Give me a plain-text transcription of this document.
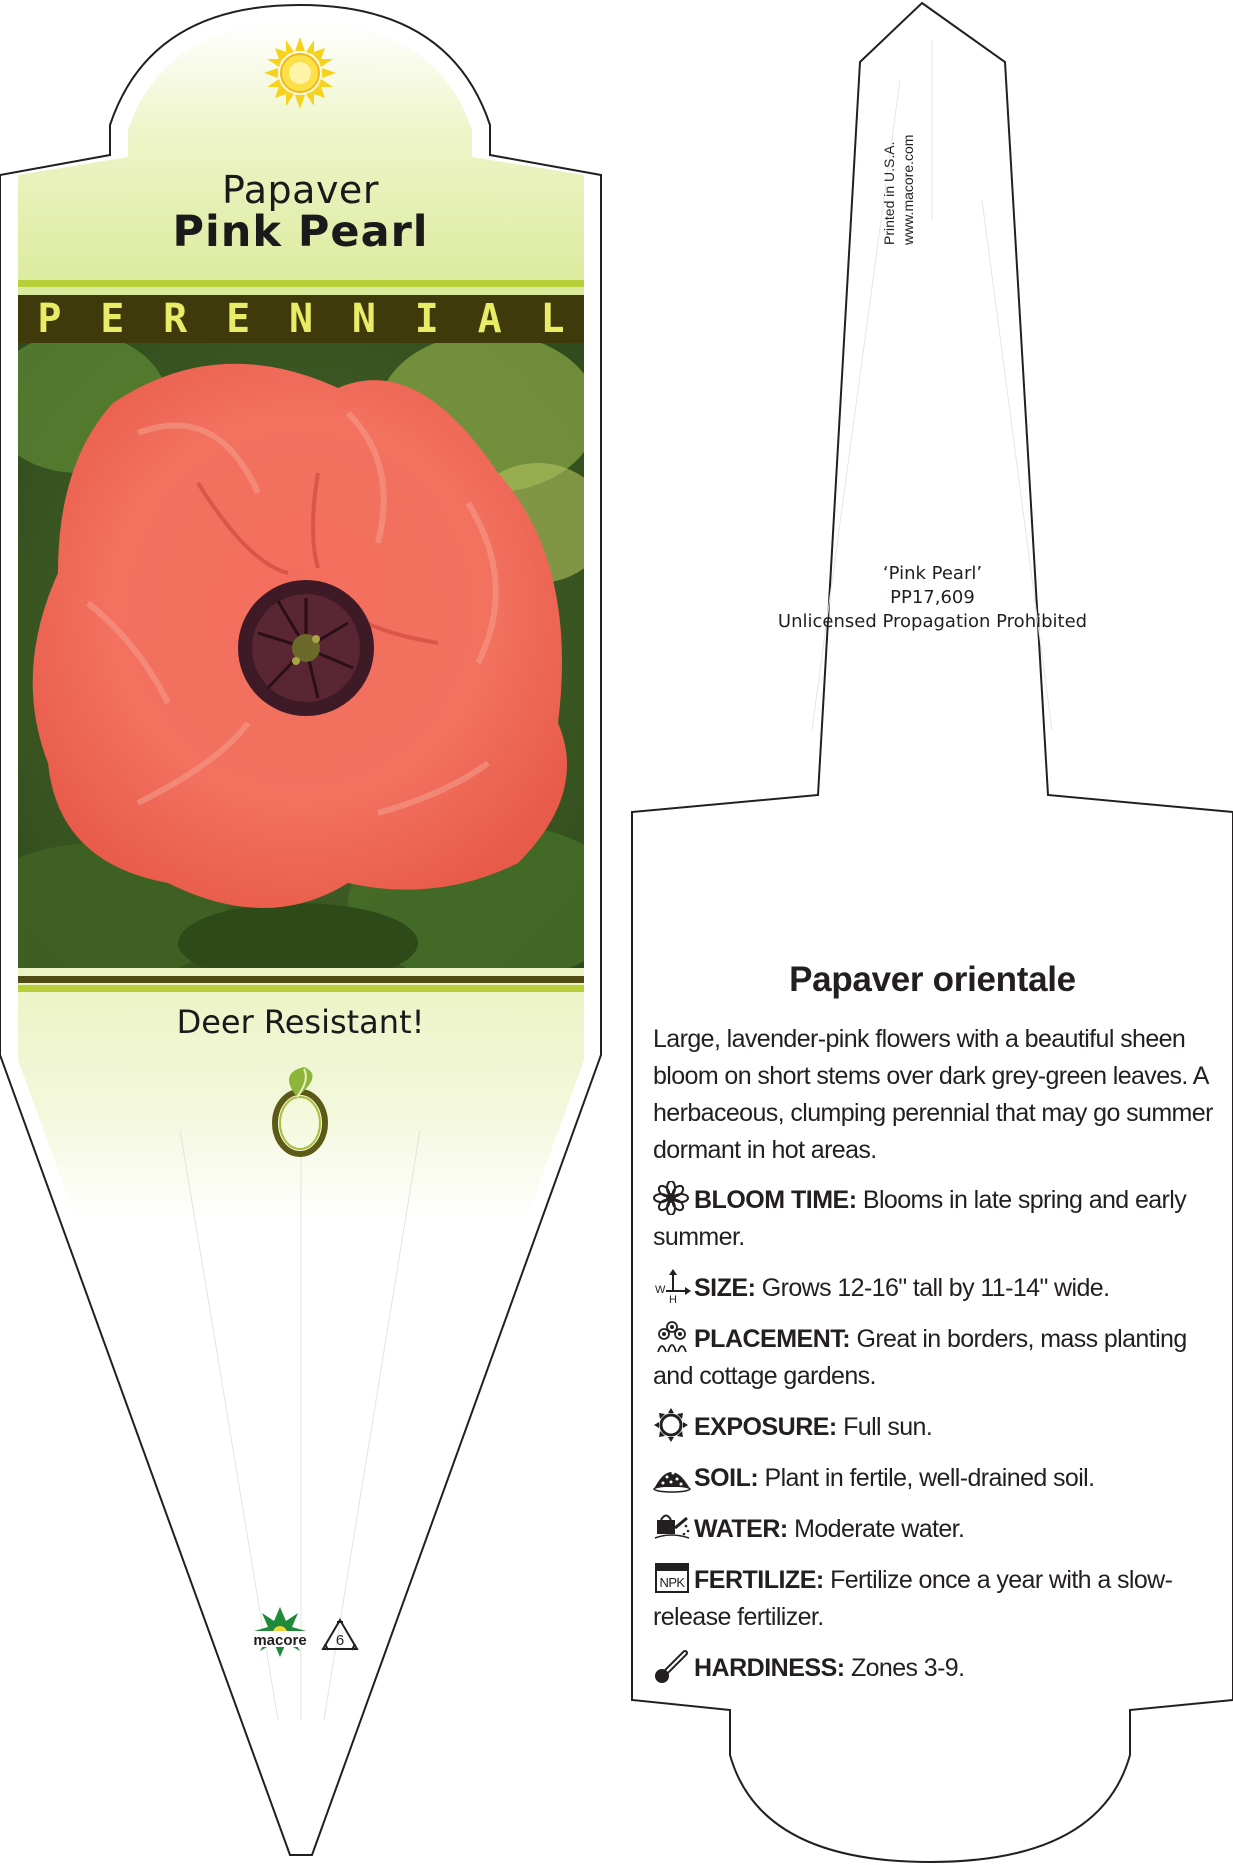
macore 6
Papaver
Pink Pearl
P E R E N N I A L
Deer Resistant!
Printed in U.S.A. www.macore.com
‘Pink Pearl’
PP17,609
Unlicensed Propagation Prohibited
Papaver orientale

Large, lavender-pink flowers with a beautiful sheen bloom on short stems over dark grey-green leaves. A herbaceous, clumping perennial that may go summer dormant in hot areas.

BLOOM TIME: Blooms in late spring and early summer.
W
H SIZE: Grows 12-16" tall by 11-14" wide.
PLACEMENT: Great in borders, mass planting and cottage gardens.
EXPOSURE: Full sun.
SOIL: Plant in fertile, well-drained soil.
WATER: Moderate water.
NPK FERTILIZE: Fertilize once a year with a slow-release fertilizer.
HARDINESS: Zones 3-9.
